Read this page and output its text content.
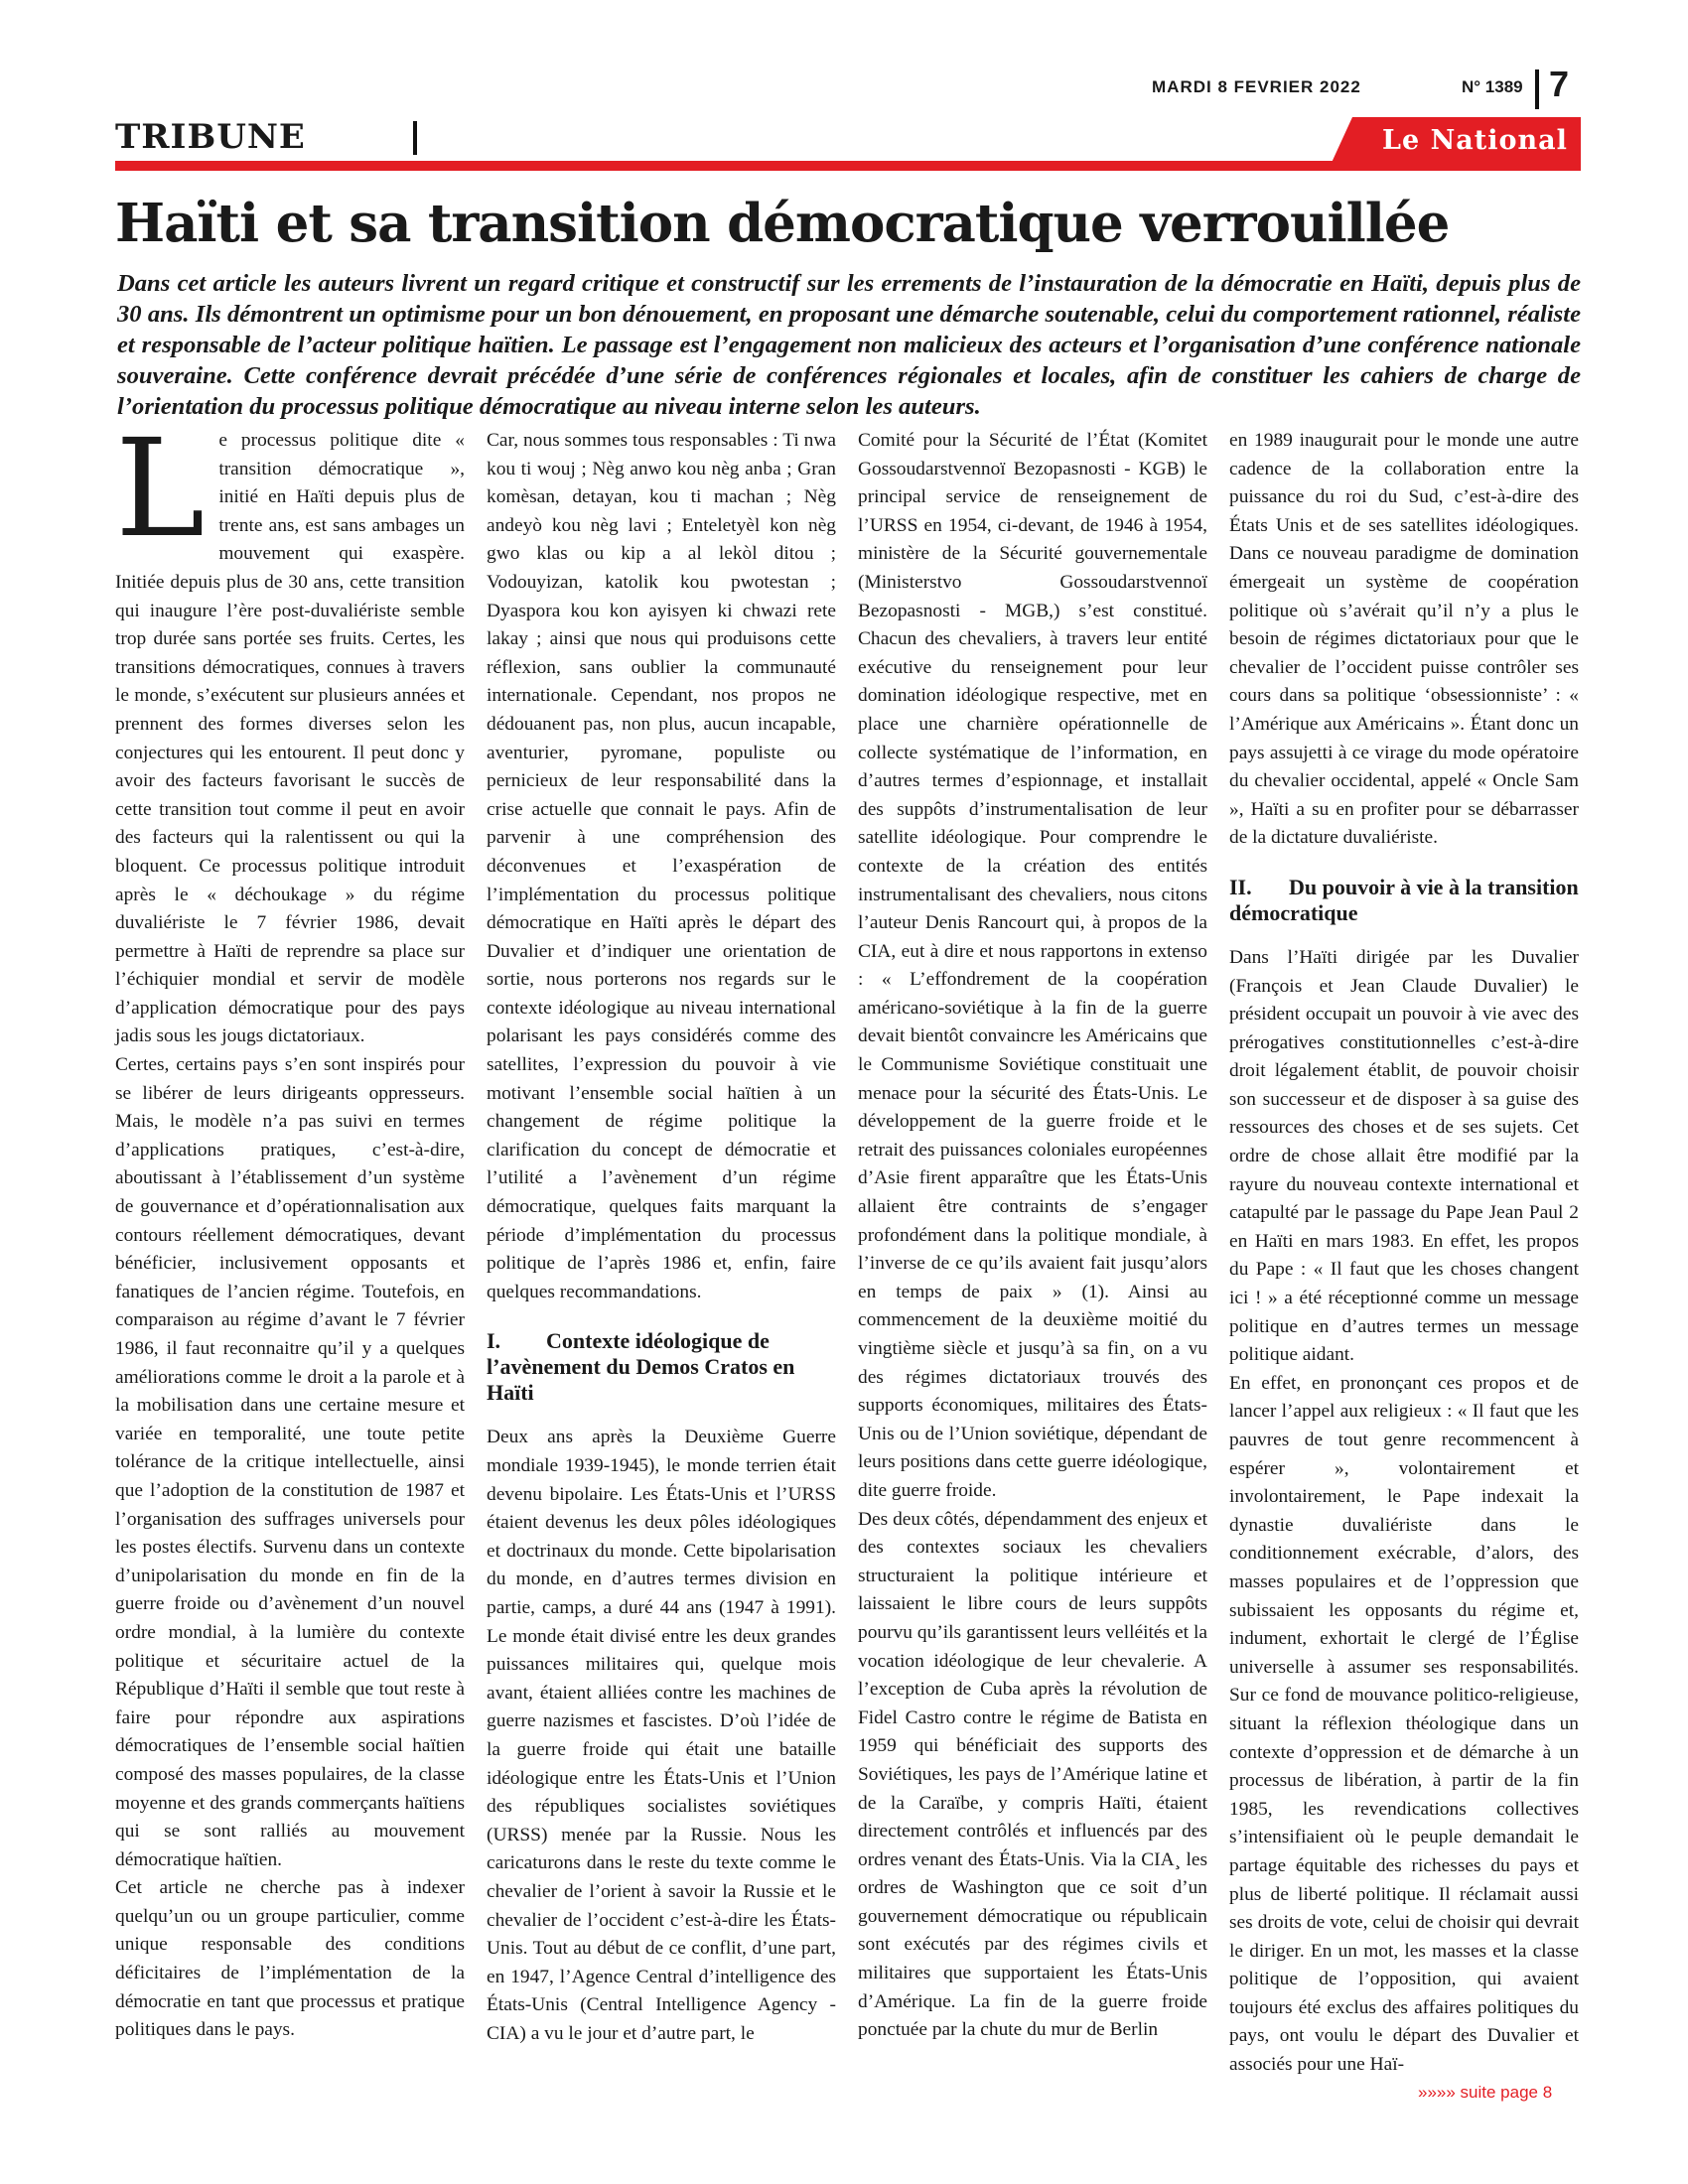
MARDI 8 FEVRIER 2022	N° 1389 7
TRIBUNE	Le National
Haïti et sa transition démocratique verrouillée
Dans cet article les auteurs livrent un regard critique et constructif sur les errements de l’instauration de la démocratie en Haïti, depuis plus de 30 ans. Ils démontrent un optimisme pour un bon dénouement, en proposant une démarche soutenable, celui du comportement rationnel, réaliste et responsable de l’acteur politique haïtien. Le passage est l’engagement non malicieux des acteurs et l’organisation d’une conférence nationale souveraine. Cette conférence devrait précédée d’une série de conférences régionales et locales, afin de constituer les cahiers de charge de l’orientation du processus politique démocratique au niveau interne selon les auteurs.

Le processus politique dite « transition démocratique », initié en Haïti depuis plus de trente ans, est sans ambages un mouvement qui exaspère. Initiée depuis plus de 30 ans, cette transition qui inaugure l’ère post-duvaliériste semble trop durée sans portée ses fruits. Certes, les transitions démocratiques, connues à travers le monde, s’exécutent sur plusieurs années et prennent des formes diverses selon les conjectures qui les entourent. Il peut donc y avoir des facteurs favorisant le succès de cette transition tout comme il peut en avoir des facteurs qui la ralentissent ou qui la bloquent. Ce processus politique introduit après le « déchoukage » du régime duvaliériste le 7 février 1986, devait permettre à Haïti de reprendre sa place sur l’échiquier mondial et servir de modèle d’application démocratique pour des pays jadis sous les jougs dictatoriaux.

Certes, certains pays s’en sont inspirés pour se libérer de leurs dirigeants oppresseurs. Mais, le modèle n’a pas suivi en termes d’applications pratiques, c’est-à-dire, aboutissant à l’établissement d’un système de gouvernance et d’opérationnalisation aux contours réellement démocratiques, devant bénéficier, inclusivement opposants et fanatiques de l’ancien régime. Toutefois, en comparaison au régime d’avant le 7 février 1986, il faut reconnaitre qu’il y a quelques améliorations comme le droit a la parole et à la mobilisation dans une certaine mesure et variée en temporalité, une toute petite tolérance de la critique intellectuelle, ainsi que l’adoption de la constitution de 1987 et l’organisation des suffrages universels pour les postes électifs. Survenu dans un contexte d’unipolarisation du monde en fin de la guerre froide ou d’avènement d’un nouvel ordre mondial, à la lumière du contexte politique et sécuritaire actuel de la République d’Haïti il semble que tout reste à faire pour répondre aux aspirations démocratiques de l’ensemble social haïtien composé des masses populaires, de la classe moyenne et des grands commerçants haïtiens qui se sont ralliés au mouvement démocratique haïtien.

Cet article ne cherche pas à indexer quelqu’un ou un groupe particulier, comme unique responsable des conditions déficitaires de l’implémentation de la démocratie en tant que processus et pratique politiques dans le pays.

Car, nous sommes tous responsables : Ti nwa kou ti wouj ; Nèg anwo kou nèg anba ; Gran komèsan, detayan, kou ti machan ; Nèg andeyò kou nèg lavi ; Enteletyèl kon nèg gwo klas ou kip a al lekòl ditou ; Vodouyizan, katolik kou pwotestan ; Dyaspora kou kon ayisyen ki chwazi rete lakay ; ainsi que nous qui produisons cette réflexion, sans oublier la communauté internationale. Cependant, nos propos ne dédouanent pas, non plus, aucun incapable, aventurier, pyromane, populiste ou pernicieux de leur responsabilité dans la crise actuelle que connait le pays. Afin de parvenir à une compréhension des déconvenues et l’exaspération de l’implémentation du processus politique démocratique en Haïti après le départ des Duvalier et d’indiquer une orientation de sortie, nous porterons nos regards sur le contexte idéologique au niveau international polarisant les pays considérés comme des satellites, l’expression du pouvoir à vie motivant l’ensemble social haïtien à un changement de régime politique la clarification du concept de démocratie et l’utilité a l’avènement d’un régime démocratique, quelques faits marquant la période d’implémentation du processus politique de l’après 1986 et, enfin, faire quelques recommandations.

I. Contexte idéologique de l’avènement du Demos Cratos en Haïti

Deux ans après la Deuxième Guerre mondiale 1939-1945), le monde terrien était devenu bipolaire. Les États-Unis et l’URSS étaient devenus les deux pôles idéologiques et doctrinaux du monde. Cette bipolarisation du monde, en d’autres termes division en partie, camps, a duré 44 ans (1947 à 1991). Le monde était divisé entre les deux grandes puissances militaires qui, quelque mois avant, étaient alliées contre les machines de guerre nazismes et fascistes. D’où l’idée de la guerre froide qui était une bataille idéologique entre les États-Unis et l’Union des républiques socialistes soviétiques (URSS) menée par la Russie. Nous les caricaturons dans le reste du texte comme le chevalier de l’orient à savoir la Russie et le chevalier de l’occident c’est-à-dire les États-Unis. Tout au début de ce conflit, d’une part, en 1947, l’Agence Central d’intelligence des États-Unis (Central Intelligence Agency - CIA) a vu le jour et d’autre part, le

Comité pour la Sécurité de l’État (Komitet Gossoudarstvennoï Bezopasnosti - KGB) le principal service de renseignement de l’URSS en 1954, ci-devant, de 1946 à 1954, ministère de la Sécurité gouvernementale (Ministerstvo Gossoudarstvennoï Bezopasnosti - MGB,) s’est constitué. Chacun des chevaliers, à travers leur entité exécutive du renseignement pour leur domination idéologique respective, met en place une charnière opérationnelle de collecte systématique de l’information, en d’autres termes d’espionnage, et installait des suppôts d’instrumentalisation de leur satellite idéologique. Pour comprendre le contexte de la création des entités instrumentalisant des chevaliers, nous citons l’auteur Denis Rancourt qui, à propos de la CIA, eut à dire et nous rapportons in extenso : « L’effondrement de la coopération américano-soviétique à la fin de la guerre devait bientôt convaincre les Américains que le Communisme Soviétique constituait une menace pour la sécurité des États-Unis. Le développement de la guerre froide et le retrait des puissances coloniales européennes d’Asie firent apparaître que les États-Unis allaient être contraints de s’engager profondément dans la politique mondiale, à l’inverse de ce qu’ils avaient fait jusqu’alors en temps de paix » (1). Ainsi au commencement de la deuxième moitié du vingtième siècle et jusqu’à sa fin¸ on a vu des régimes dictatoriaux trouvés des supports économiques, militaires des États-Unis ou de l’Union soviétique, dépendant de leurs positions dans cette guerre idéologique, dite guerre froide.

Des deux côtés, dépendamment des enjeux et des contextes sociaux les chevaliers structuraient la politique intérieure et laissaient le libre cours de leurs suppôts pourvu qu’ils garantissent leurs velléités et la vocation idéologique de leur chevalerie. A l’exception de Cuba après la révolution de Fidel Castro contre le régime de Batista en 1959 qui bénéficiait des supports des Soviétiques, les pays de l’Amérique latine et de la Caraïbe, y compris Haïti, étaient directement contrôlés et influencés par des ordres venant des États-Unis. Via la CIA¸ les ordres de Washington que ce soit d’un gouvernement démocratique ou républicain sont exécutés par des régimes civils et militaires que supportaient les États-Unis d’Amérique. La fin de la guerre froide ponctuée par la chute du mur de Berlin

en 1989 inaugurait pour le monde une autre cadence de la collaboration entre la puissance du roi du Sud, c’est-à-dire des États Unis et de ses satellites idéologiques. Dans ce nouveau paradigme de domination émergeait un système de coopération politique où s’avérait qu’il n’y a plus le besoin de régimes dictatoriaux pour que le chevalier de l’occident puisse contrôler ses cours dans sa politique ‘obsessionniste’ : « l’Amérique aux Américains ». Étant donc un pays assujetti à ce virage du mode opératoire du chevalier occidental, appelé « Oncle Sam », Haïti a su en profiter pour se débarrasser de la dictature duvaliériste.

II. Du pouvoir à vie à la transition démocratique

Dans l’Haïti dirigée par les Duvalier (François et Jean Claude Duvalier) le président occupait un pouvoir à vie avec des prérogatives constitutionnelles c’est-à-dire droit légalement établit, de pouvoir choisir son successeur et de disposer à sa guise des ressources des choses et de ses sujets. Cet ordre de chose allait être modifié par la rayure du nouveau contexte international et catapulté par le passage du Pape Jean Paul 2 en Haïti en mars 1983. En effet, les propos du Pape : « Il faut que les choses changent ici ! » a été réceptionné comme un message politique en d’autres termes un message politique aidant.

En effet, en prononçant ces propos et de lancer l’appel aux religieux : « Il faut que les pauvres de tout genre recommencent à espérer », volontairement et involontairement, le Pape indexait la dynastie duvaliériste dans le conditionnement exécrable, d’alors, des masses populaires et de l’oppression que subissaient les opposants du régime et, indument, exhortait le clergé de l’Église universelle à assumer ses responsabilités. Sur ce fond de mouvance politico-religieuse, situant la réflexion théologique dans un contexte d’oppression et de démarche à un processus de libération, à partir de la fin 1985, les revendications collectives s’intensifiaient où le peuple demandait le partage équitable des richesses du pays et plus de liberté politique. Il réclamait aussi ses droits de vote, celui de choisir qui devrait le diriger. En un mot, les masses et la classe politique de l’opposition, qui avaient toujours été exclus des affaires politiques du pays, ont voulu le départ des Duvalier et associés pour une Haï-

»»»» suite page 8
